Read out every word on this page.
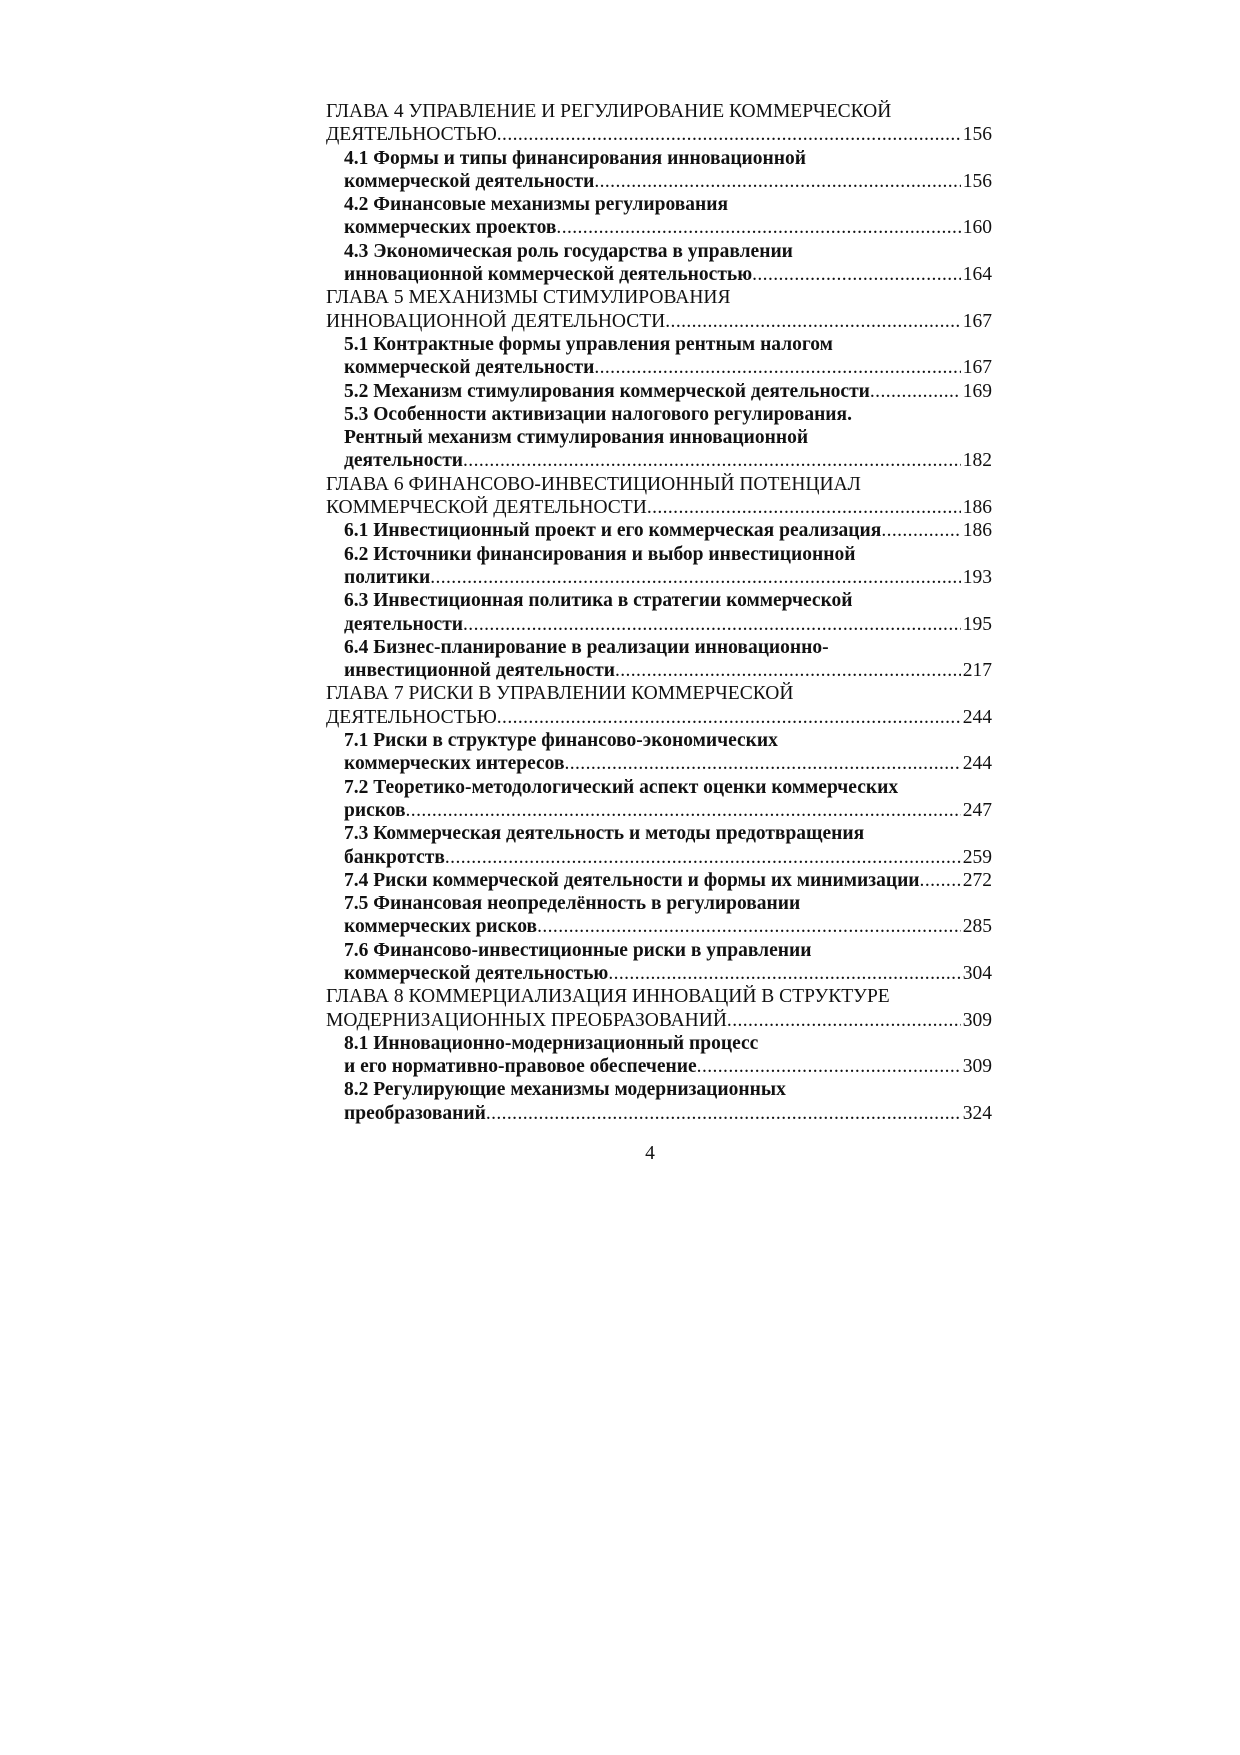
ГЛАВА 4 УПРАВЛЕНИЕ И РЕГУЛИРОВАНИЕ КОММЕРЧЕСКОЙ
ДЕЯТЕЛЬНОСТЬЮ .....	156
4.1 Формы и типы финансирования инновационной
коммерческой деятельности .....	156
4.2 Финансовые механизмы регулирования
коммерческих проектов .....	160
4.3 Экономическая роль государства в управлении
инновационной коммерческой деятельностью .....	164
ГЛАВА 5 МЕХАНИЗМЫ СТИМУЛИРОВАНИЯ
ИННОВАЦИОННОЙ ДЕЯТЕЛЬНОСТИ .....	167
5.1 Контрактные формы управления рентным налогом
коммерческой деятельности .....	167
5.2 Механизм стимулирования коммерческой деятельности .....	169
5.3 Особенности активизации налогового регулирования.
Рентный механизм стимулирования инновационной
деятельности .....	182
ГЛАВА 6 ФИНАНСОВО-ИНВЕСТИЦИОННЫЙ ПОТЕНЦИАЛ
КОММЕРЧЕСКОЙ ДЕЯТЕЛЬНОСТИ .....	186
6.1 Инвестиционный проект и его коммерческая реализация .....	186
6.2 Источники финансирования и выбор инвестиционной
политики .....	193
6.3 Инвестиционная политика в стратегии коммерческой
деятельности .....	195
6.4 Бизнес-планирование в реализации инновационно-
инвестиционной деятельности .....	217
ГЛАВА 7 РИСКИ В УПРАВЛЕНИИ КОММЕРЧЕСКОЙ
ДЕЯТЕЛЬНОСТЬЮ .....	244
7.1 Риски в структуре финансово-экономических
коммерческих интересов .....	244
7.2 Теоретико-методологический аспект оценки коммерческих
рисков .....	247
7.3 Коммерческая деятельность и методы предотвращения
банкротств .....	259
7.4 Риски коммерческой деятельности и формы их минимизации ..... 272
7.5 Финансовая неопределённость в регулировании
коммерческих рисков .....	285
7.6 Финансово-инвестиционные риски в управлении
коммерческой деятельностью .....	304
ГЛАВА 8 КОММЕРЦИАЛИЗАЦИЯ ИННОВАЦИЙ В СТРУКТУРЕ
МОДЕРНИЗАЦИОННЫХ ПРЕОБРАЗОВАНИЙ .....	309
8.1 Инновационно-модернизационный процесс
и его нормативно-правовое обеспечение .....	309
8.2 Регулирующие механизмы модернизационных
преобразований .....	324
4
